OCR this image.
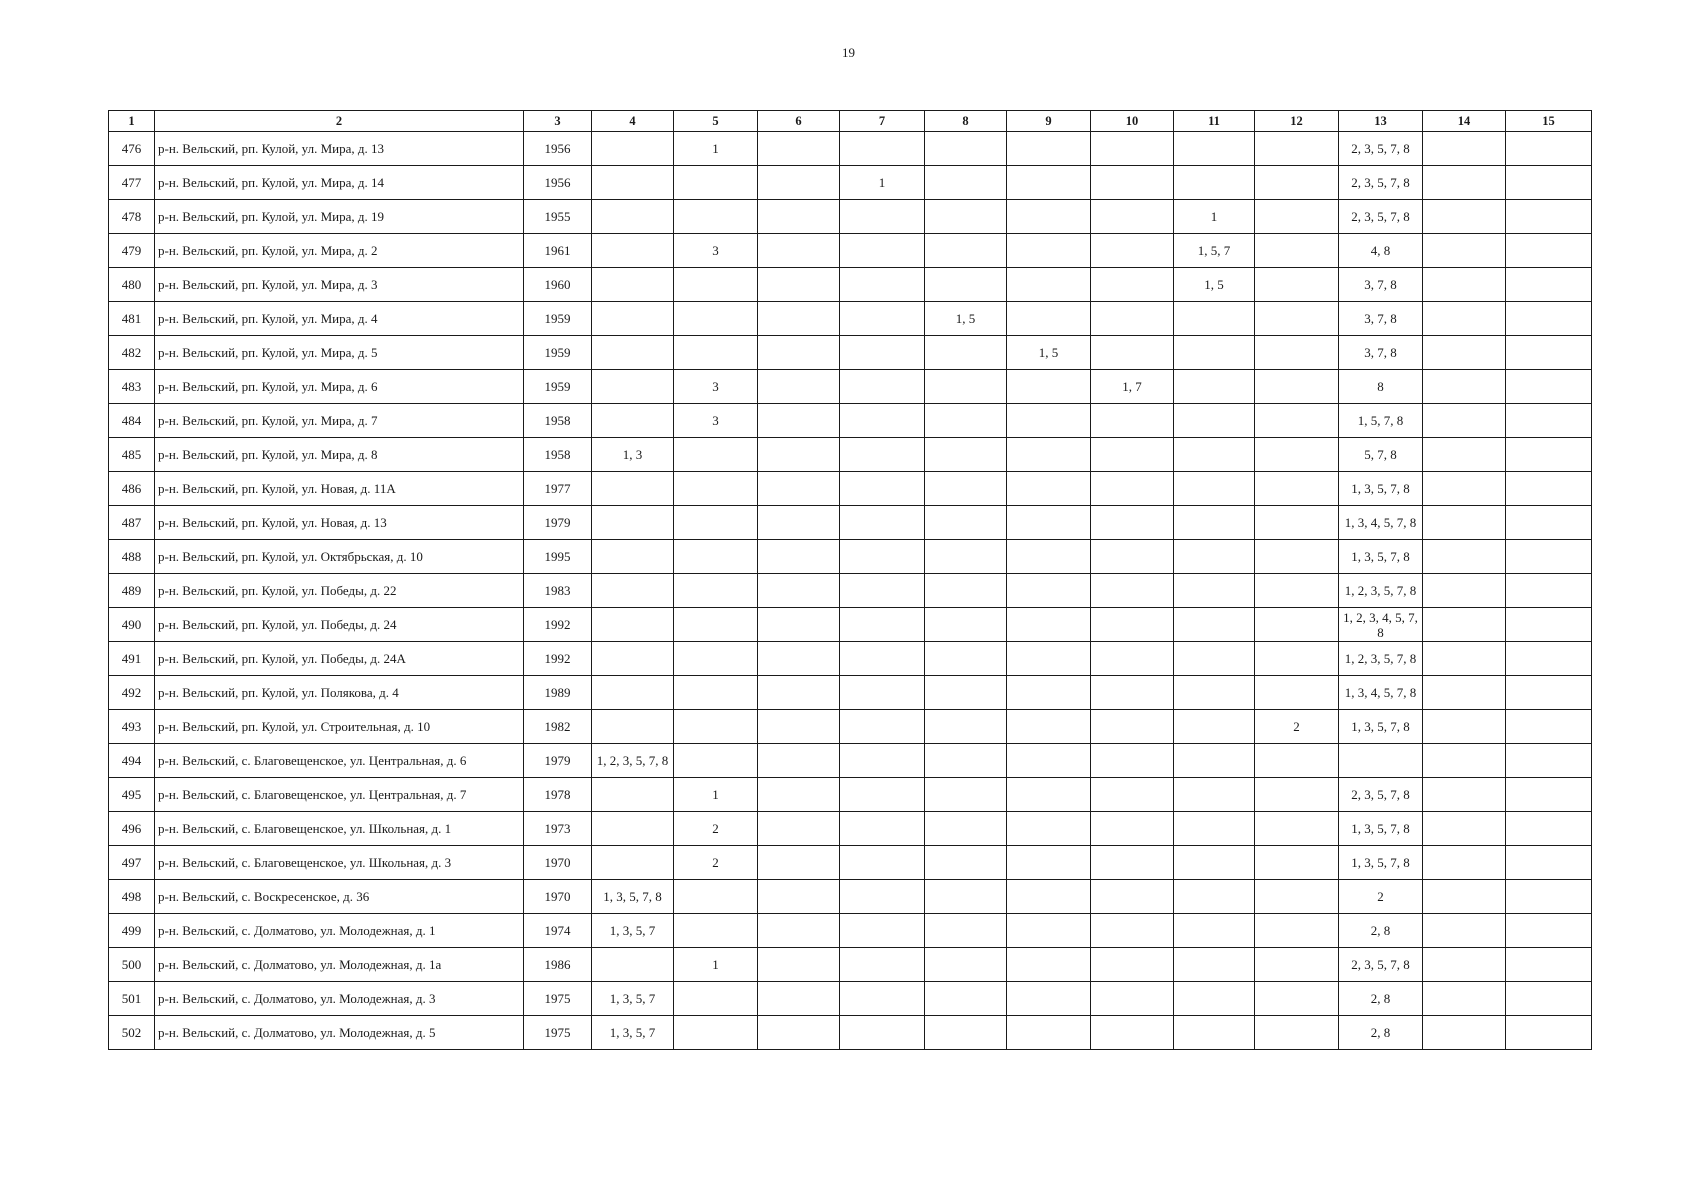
19
1	2	3	4	5	6	7	8	9	10	11	12	13	14	15
476	р-н. Вельский, рп. Кулой, ул. Мира, д. 13	1956		1								2, 3, 5, 7, 8		
477	р-н. Вельский, рп. Кулой, ул. Мира, д. 14	1956				1						2, 3, 5, 7, 8		
478	р-н. Вельский, рп. Кулой, ул. Мира, д. 19	1955								1		2, 3, 5, 7, 8		
479	р-н. Вельский, рп. Кулой, ул. Мира, д. 2	1961		3						1, 5, 7		4, 8		
480	р-н. Вельский, рп. Кулой, ул. Мира, д. 3	1960								1, 5		3, 7, 8		
481	р-н. Вельский, рп. Кулой, ул. Мира, д. 4	1959					1, 5					3, 7, 8		
482	р-н. Вельский, рп. Кулой, ул. Мира, д. 5	1959						1, 5				3, 7, 8		
483	р-н. Вельский, рп. Кулой, ул. Мира, д. 6	1959		3					1, 7			8		
484	р-н. Вельский, рп. Кулой, ул. Мира, д. 7	1958		3								1, 5, 7, 8		
485	р-н. Вельский, рп. Кулой, ул. Мира, д. 8	1958	1, 3									5, 7, 8		
486	р-н. Вельский, рп. Кулой, ул. Новая, д. 11А	1977										1, 3, 5, 7, 8		
487	р-н. Вельский, рп. Кулой, ул. Новая, д. 13	1979										1, 3, 4, 5, 7, 8		
488	р-н. Вельский, рп. Кулой, ул. Октябрьская, д. 10	1995										1, 3, 5, 7, 8		
489	р-н. Вельский, рп. Кулой, ул. Победы, д. 22	1983										1, 2, 3, 5, 7, 8		
490	р-н. Вельский, рп. Кулой, ул. Победы, д. 24	1992										1, 2, 3, 4, 5, 7, 8		
491	р-н. Вельский, рп. Кулой, ул. Победы, д. 24А	1992										1, 2, 3, 5, 7, 8		
492	р-н. Вельский, рп. Кулой, ул. Полякова, д. 4	1989										1, 3, 4, 5, 7, 8		
493	р-н. Вельский, рп. Кулой, ул. Строительная, д. 10	1982									2	1, 3, 5, 7, 8		
494	р-н. Вельский, с. Благовещенское, ул. Центральная, д. 6	1979	1, 2, 3, 5, 7, 8											
495	р-н. Вельский, с. Благовещенское, ул. Центральная, д. 7	1978		1								2, 3, 5, 7, 8		
496	р-н. Вельский, с. Благовещенское, ул. Школьная, д. 1	1973		2								1, 3, 5, 7, 8		
497	р-н. Вельский, с. Благовещенское, ул. Школьная, д. 3	1970		2								1, 3, 5, 7, 8		
498	р-н. Вельский, с. Воскресенское, д. 36	1970	1, 3, 5, 7, 8									2		
499	р-н. Вельский, с. Долматово, ул. Молодежная, д. 1	1974	1, 3, 5, 7									2, 8		
500	р-н. Вельский, с. Долматово, ул. Молодежная, д. 1а	1986		1								2, 3, 5, 7, 8		
501	р-н. Вельский, с. Долматово, ул. Молодежная, д. 3	1975	1, 3, 5, 7									2, 8		
502	р-н. Вельский, с. Долматово, ул. Молодежная, д. 5	1975	1, 3, 5, 7									2, 8		
